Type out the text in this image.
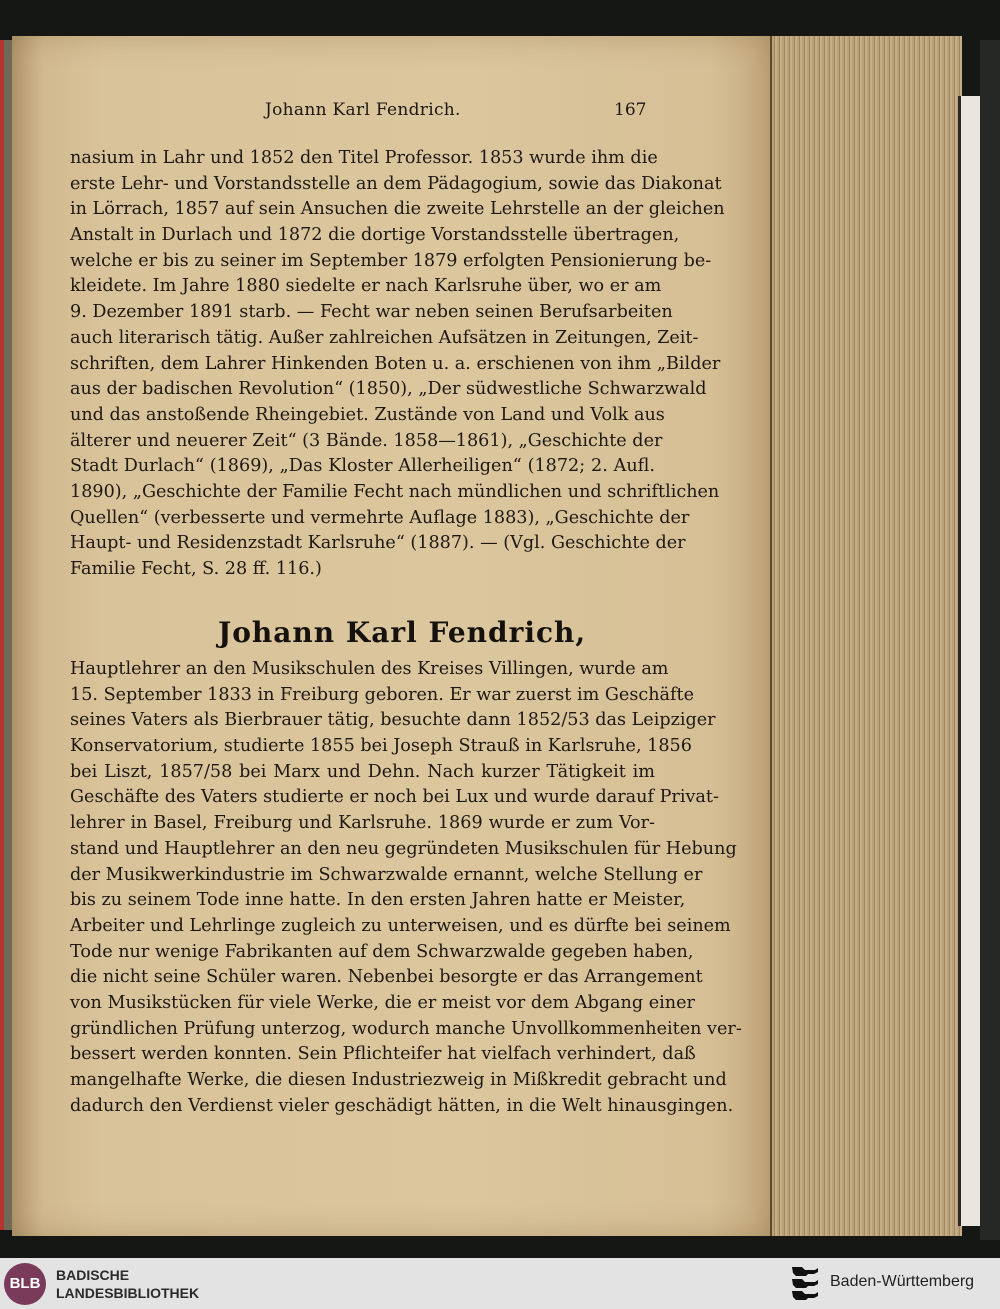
Johann Karl Fendrich.	167
nasium in Lahr und 1852 den Titel Professor. 1853 wurde ihm die
erste Lehr- und Vorstandsstelle an dem Pädagogium, sowie das Diakonat
in Lörrach, 1857 auf sein Ansuchen die zweite Lehrstelle an der gleichen
Anstalt in Durlach und 1872 die dortige Vorstandsstelle übertragen,
welche er bis zu seiner im September 1879 erfolgten Pensionierung be-
kleidete. Im Jahre 1880 siedelte er nach Karlsruhe über, wo er am
9. Dezember 1891 starb. — Fecht war neben seinen Berufsarbeiten
auch literarisch tätig. Außer zahlreichen Aufsätzen in Zeitungen, Zeit-
schriften, dem Lahrer Hinkenden Boten u. a. erschienen von ihm „Bilder
aus der badischen Revolution“ (1850), „Der südwestliche Schwarzwald
und das anstoßende Rheingebiet. Zustände von Land und Volk aus
älterer und neuerer Zeit“ (3 Bände. 1858—1861), „Geschichte der
Stadt Durlach“ (1869), „Das Kloster Allerheiligen“ (1872; 2. Aufl.
1890), „Geschichte der Familie Fecht nach mündlichen und schriftlichen
Quellen“ (verbesserte und vermehrte Auflage 1883), „Geschichte der
Haupt- und Residenzstadt Karlsruhe“ (1887). — (Vgl. Geschichte der
Familie Fecht, S. 28 ff. 116.)
Johann Karl Fendrich,
Hauptlehrer an den Musikschulen des Kreises Villingen, wurde am
15. September 1833 in Freiburg geboren. Er war zuerst im Geschäfte
seines Vaters als Bierbrauer tätig, besuchte dann 1852/53 das Leipziger
Konservatorium, studierte 1855 bei Joseph Strauß in Karlsruhe, 1856
bei Liszt, 1857/58 bei Marx und Dehn. Nach kurzer Tätigkeit im
Geschäfte des Vaters studierte er noch bei Lux und wurde darauf Privat-
lehrer in Basel, Freiburg und Karlsruhe. 1869 wurde er zum Vor-
stand und Hauptlehrer an den neu gegründeten Musikschulen für Hebung
der Musikwerkindustrie im Schwarzwalde ernannt, welche Stellung er
bis zu seinem Tode inne hatte. In den ersten Jahren hatte er Meister,
Arbeiter und Lehrlinge zugleich zu unterweisen, und es dürfte bei seinem
Tode nur wenige Fabrikanten auf dem Schwarzwalde gegeben haben,
die nicht seine Schüler waren. Nebenbei besorgte er das Arrangement
von Musikstücken für viele Werke, die er meist vor dem Abgang einer
gründlichen Prüfung unterzog, wodurch manche Unvollkommenheiten ver-
bessert werden konnten. Sein Pflichteifer hat vielfach verhindert, daß
mangelhafte Werke, die diesen Industriezweig in Mißkredit gebracht und
dadurch den Verdienst vieler geschädigt hätten, in die Welt hinausgingen.
BLB	BADISCHE
LANDESBIBLIOTHEK
Baden-Württemberg
